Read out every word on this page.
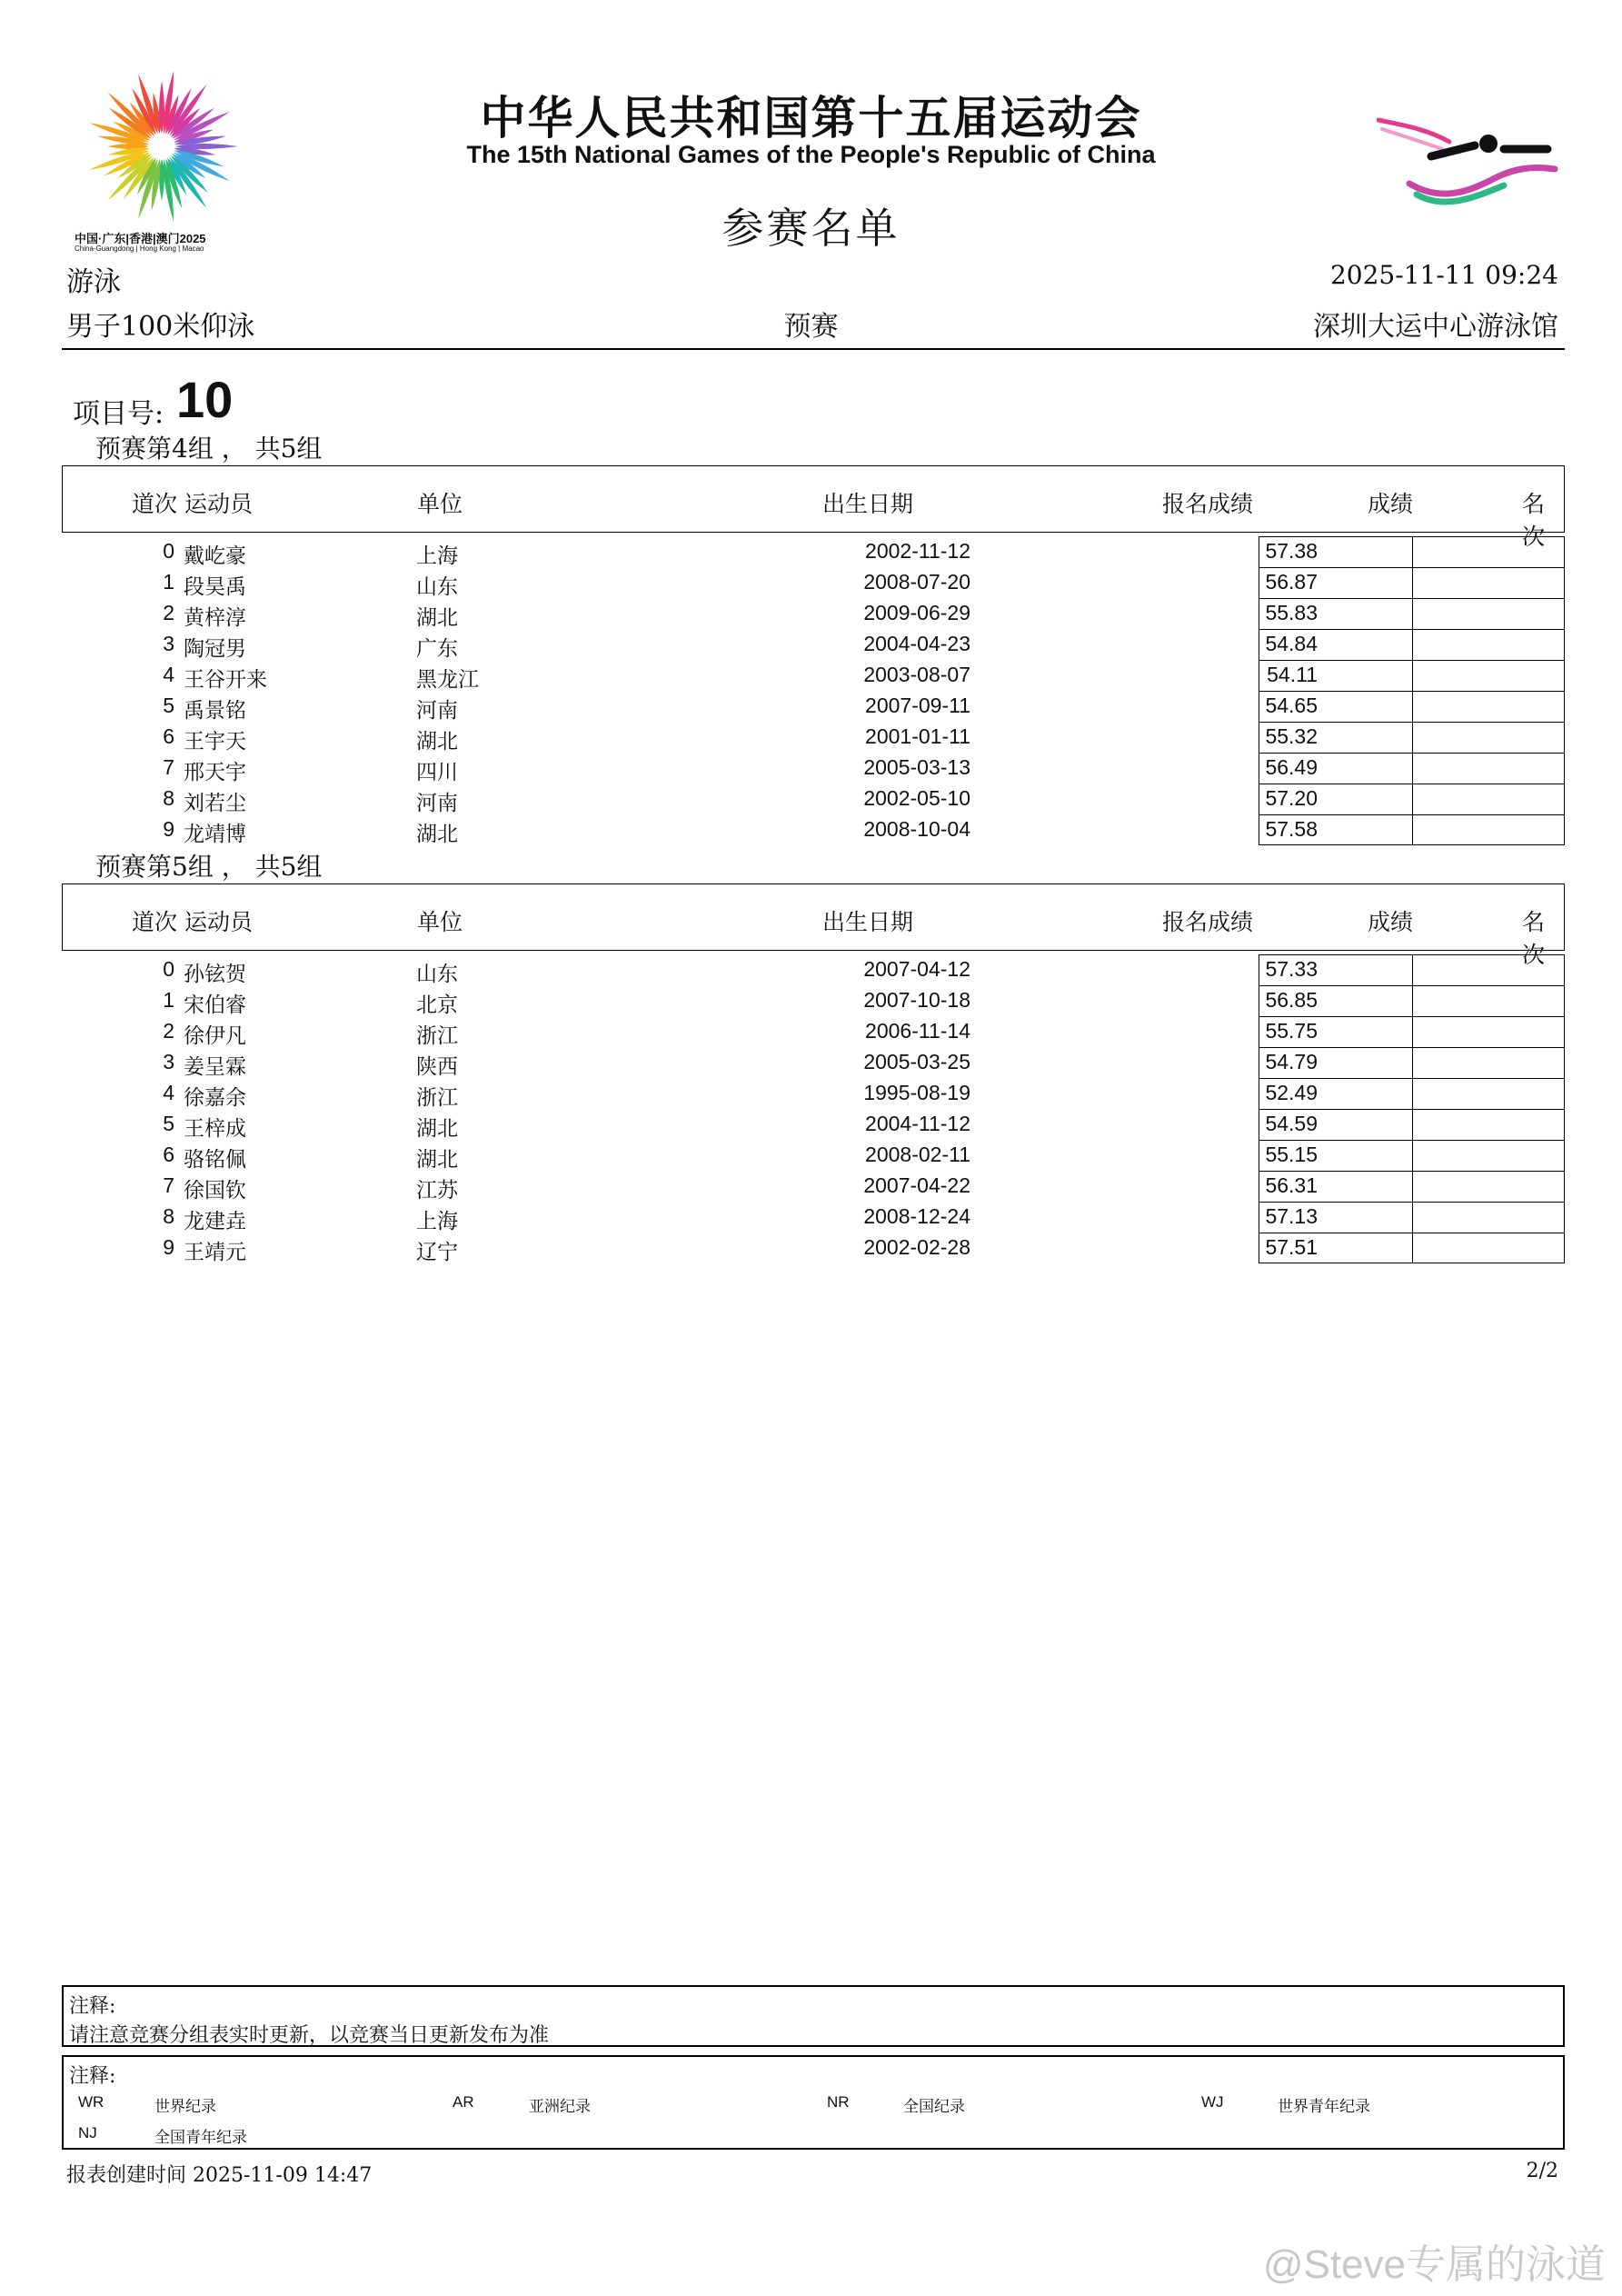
中国·广东|香港|澳门2025
China-Guangdong | Hong Kong | Macao
中华人民共和国第十五届运动会
The 15th National Games of the People's Republic of China
参赛名单
游泳	2025-11-11 09:24
男子100米仰泳	预赛	深圳大运中心游泳馆
项目号: 10
预赛第4组 ， 共5组
道次 运动员	单位	出生日期	报名成绩	成绩	名次
0 戴屹豪	上海	2002-11-12	57.38
1 段昊禹	山东	2008-07-20	56.87
2 黄梓淳	湖北	2009-06-29	55.83
3 陶冠男	广东	2004-04-23	54.84
4 王谷开来	黑龙江	2003-08-07	54.11
5 禹景铭	河南	2007-09-11	54.65
6 王宇天	湖北	2001-01-11	55.32
7 邢天宇	四川	2005-03-13	56.49
8 刘若尘	河南	2002-05-10	57.20
9 龙靖博	湖北	2008-10-04	57.58
预赛第5组 ， 共5组
道次 运动员	单位	出生日期	报名成绩	成绩	名次
0 孙铉贺	山东	2007-04-12	57.33
1 宋伯睿	北京	2007-10-18	56.85
2 徐伊凡	浙江	2006-11-14	55.75
3 姜呈霖	陕西	2005-03-25	54.79
4 徐嘉余	浙江	1995-08-19	52.49
5 王梓成	湖北	2004-11-12	54.59
6 骆铭佩	湖北	2008-02-11	55.15
7 徐国钦	江苏	2007-04-22	56.31
8 龙建垚	上海	2008-12-24	57.13
9 王靖元	辽宁	2002-02-28	57.51
注释:
请注意竞赛分组表实时更新，以竞赛当日更新发布为准
注释:
WR	世界纪录	AR	亚洲纪录	NR	全国纪录	WJ	世界青年纪录
NJ	全国青年纪录
报表创建时间 2025-11-09 14:47	2/2
@Steve专属的泳道
